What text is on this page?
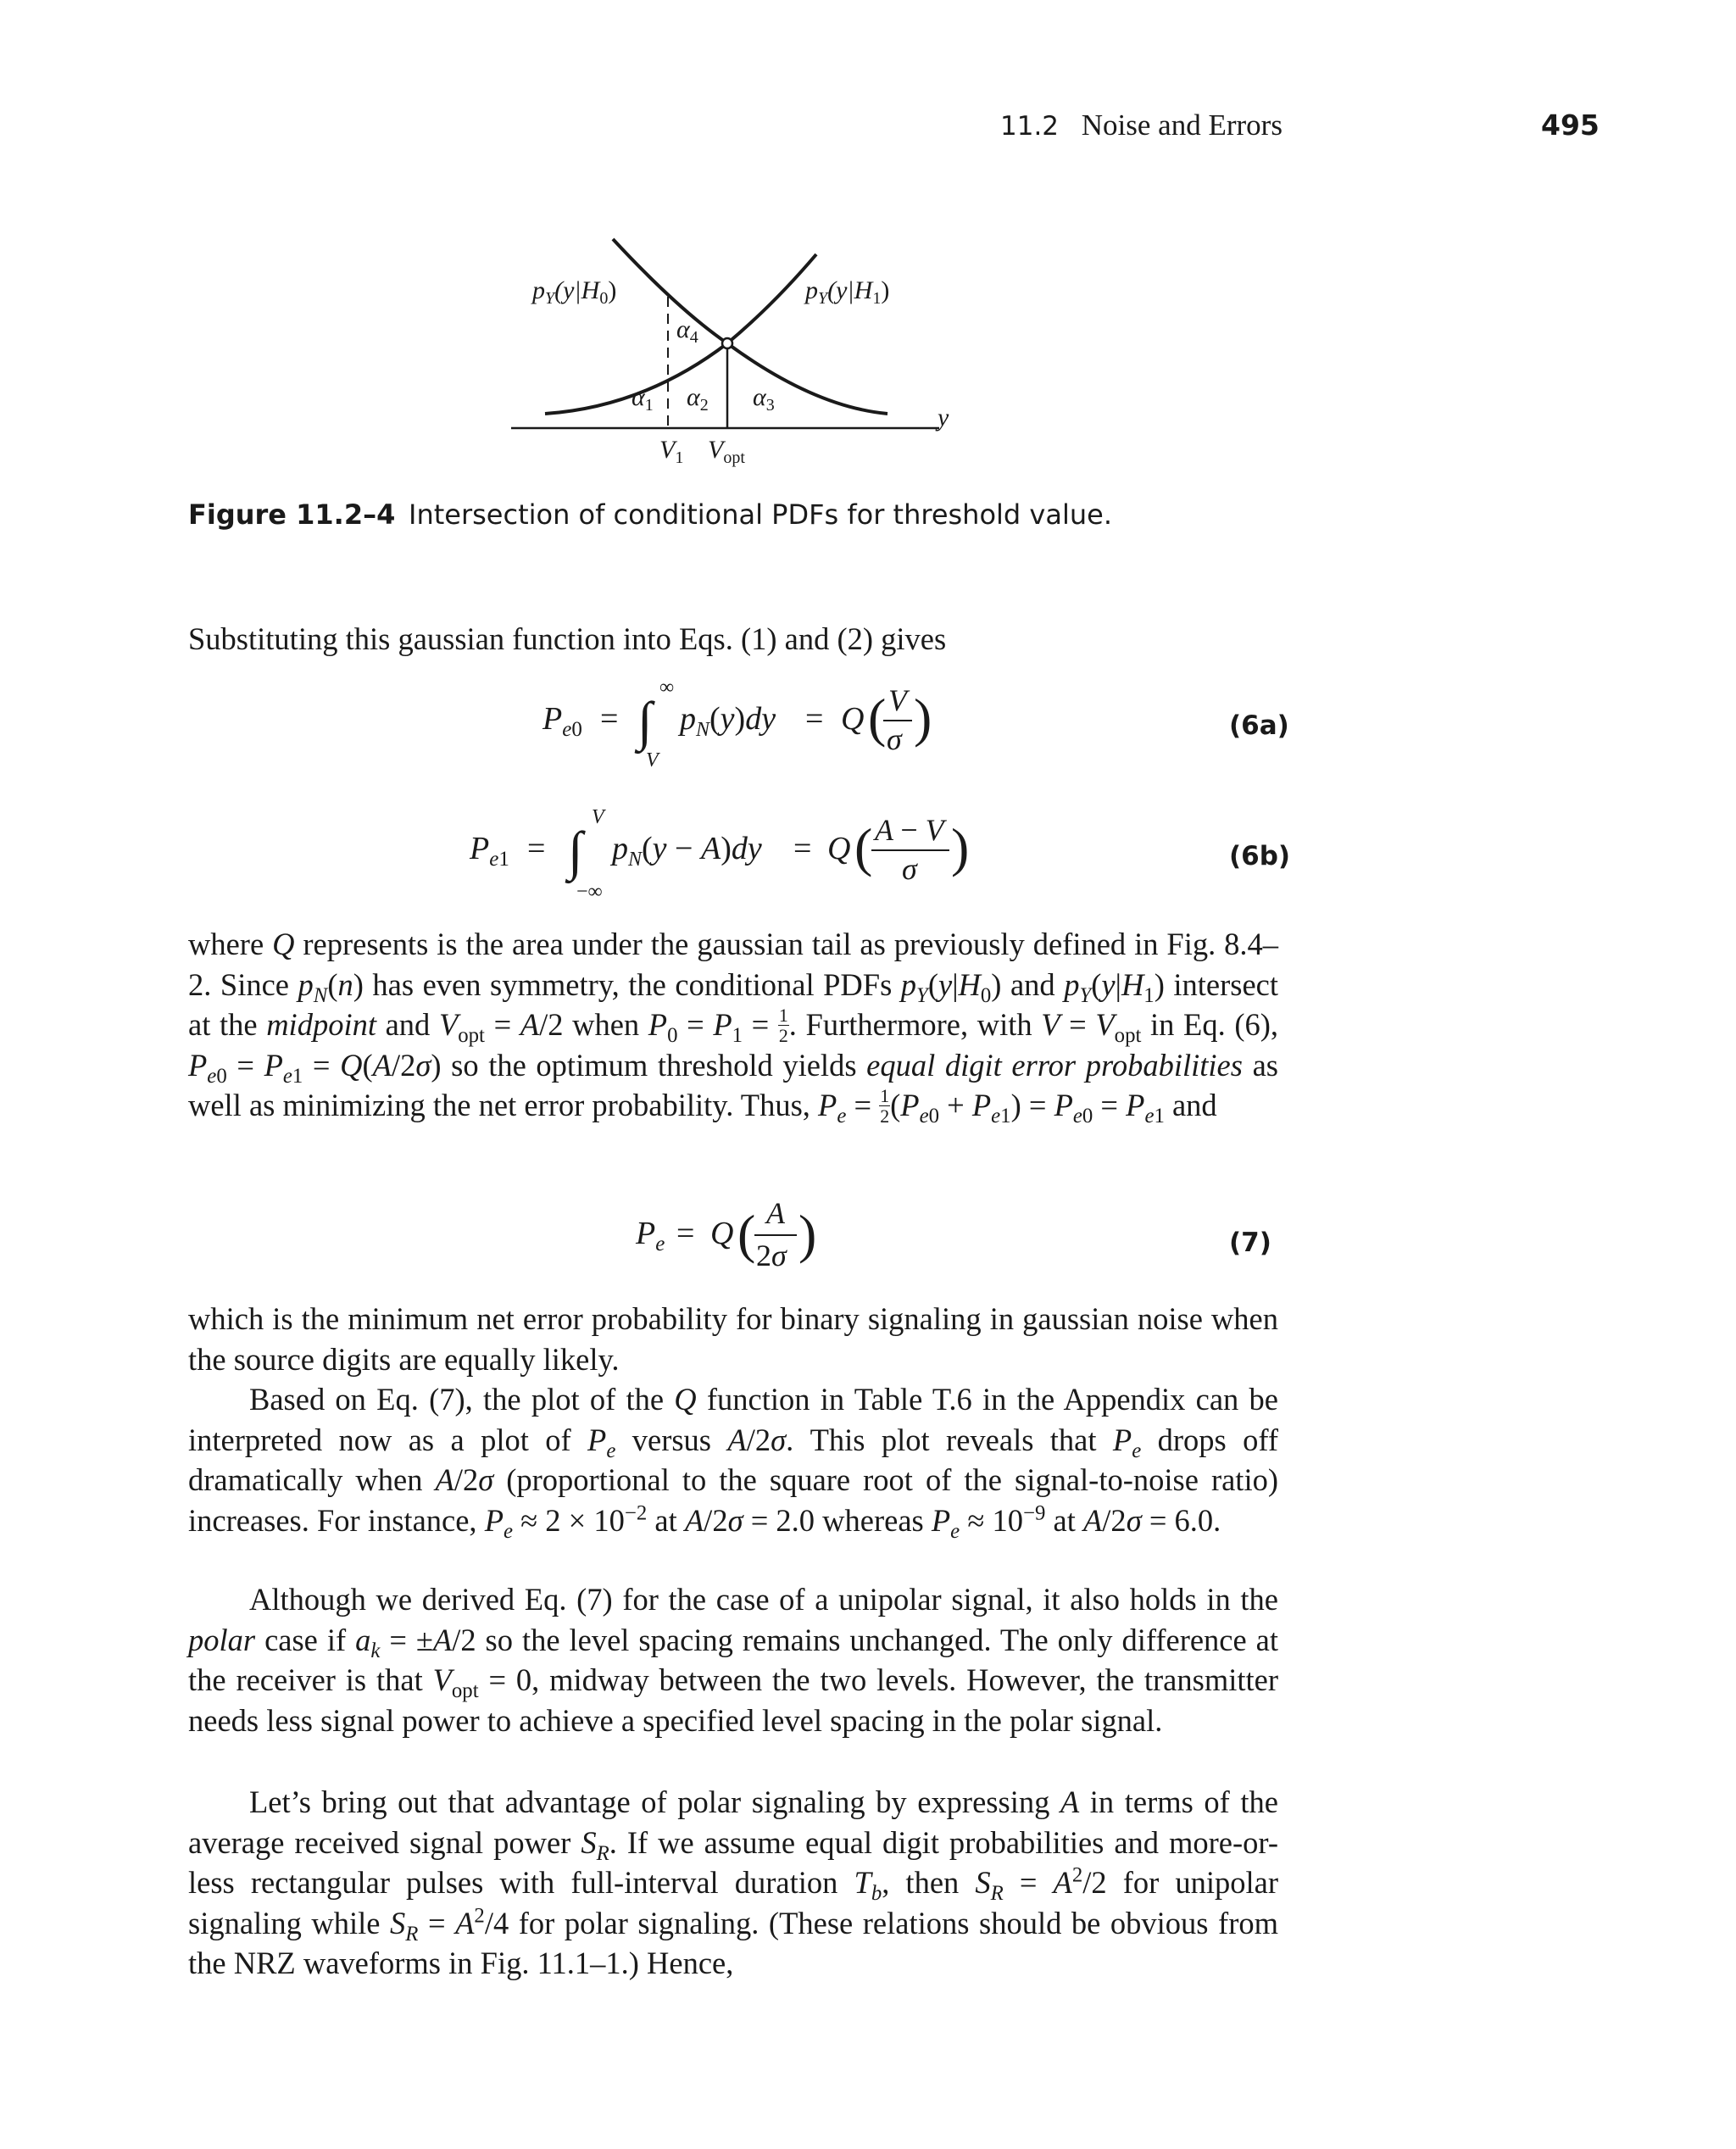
11.2 Noise and Errors	495
$p_Y(y|H_0)$	$p_Y(y|H_1)$
$\alpha_4$
$\alpha_1$ $\alpha_2$ $\alpha_3$	y
$V_1$ $V_{opt}$
Figure 11.2–4 Intersection of conditional PDFs for threshold value.
Substituting this gaussian function into Eqs. (1) and (2) gives
$P_e0$ = ∫
∞
V
$p_N(y)dy = Q$ ( V
σ )	(6a)
$P_e1$ = ∫
V
−∞
$p_N(y - A)dy = Q$ ( A − V
σ )	(6b)
where Q represents is the area under the gaussian tail as previously defined in Fig. 8.4–2. Since $p_N(n)$ has even symmetry, the conditional PDFs $p_Y(y|H_0)$ and $p_Y(y|H_1)$ intersect at the midpoint and $V_{opt} = A/2$ when $P_0 = P_1 = \frac{1}{2}$ . Furthermore, with $V = V_{opt}$ in Eq. (6), $P_{e0} = P_{e1} = Q(A/2\sigma)$ so the optimum threshold yields equal digit error probabilities as well as minimizing the net error probability. Thus, $P_e = \frac{1}{2} (P_{e0} + P_{e1}) = P_{e0} = P_{e1}$ and
$P_e = Q$ ( A
2σ )	(7)
which is the minimum net error probability for binary signaling in gaussian noise when the source digits are equally likely.
Based on Eq. (7), the plot of the Q function in Table T.6 in the Appendix can be interpreted now as a plot of $P_e$ versus A/2σ. This plot reveals that $P_e$ drops off dramatically when A/2σ (proportional to the square root of the signal-to-noise ratio) increases. For instance, $P_e \approx 2 \times 10^{-2}$ at A/2σ = 2.0 whereas $P_e \approx 10^{-9}$ at A/2σ = 6.0.
Although we derived Eq. (7) for the case of a unipolar signal, it also holds in the polar case if $a_k = \pm A/2$ so the level spacing remains unchanged. The only difference at the receiver is that $V_{opt} = 0$, midway between the two levels. However, the transmitter needs less signal power to achieve a specified level spacing in the polar signal.
Let’s bring out that advantage of polar signaling by expressing A in terms of the average received signal power $S_R$. If we assume equal digit probabilities and more-or-less rectangular pulses with full-interval duration $T_b$, then $S_R = A^2/2$ for unipolar signaling while $S_R = A^2/4$ for polar signaling. (These relations should be obvious from the NRZ waveforms in Fig. 11.1–1.) Hence,
